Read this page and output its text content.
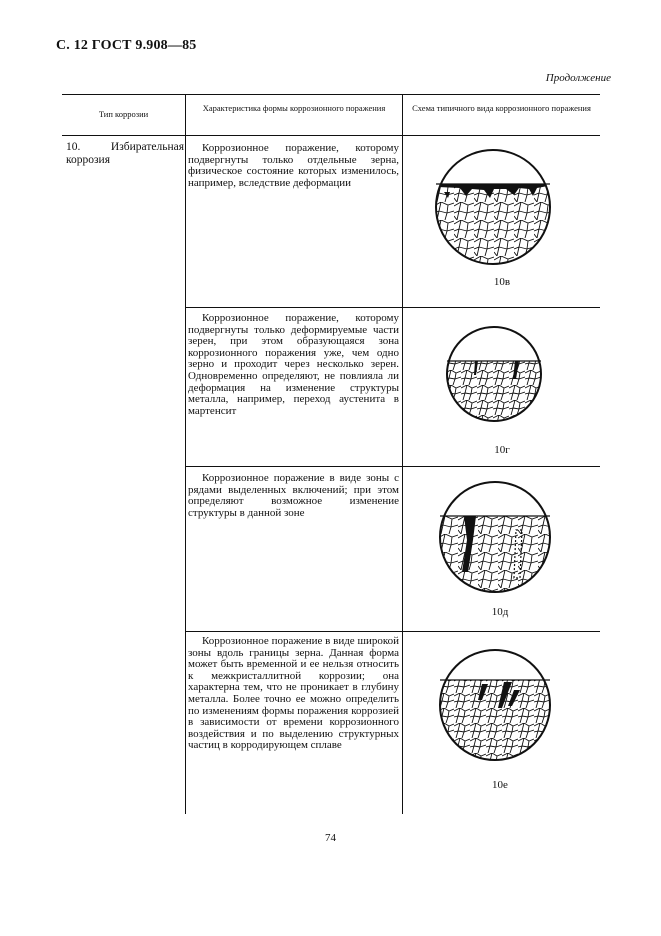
С. 12 ГОСТ 9.908—85
Продолжение
Тип коррозии
Характеристика формы коррозионного поражения	Схема типичного вида коррозионного поражения
10.	Избирательная
коррозия

Коррозионное поражение, которому подвергнуты только отдельные зерна, физическое состояние которых изменилось, например, вследствие деформации

Коррозионное поражение, которому подвергнуты только деформируемые части зерен, при этом образующаяся зона коррозионного поражения уже, чем одно зерно и проходит через несколько зерен. Одновременно определяют, не повлияла ли деформация на изменение структуры металла, например, переход аустенита в мартенсит

Коррозионное поражение в виде зоны с рядами выделенных включений; при этом определяют возможное изменение структуры в данной зоне

Коррозионное поражение в виде широкой зоны вдоль границы зерна. Данная форма может быть временной и ее нельзя относить к межкристаллитной коррозии; она характерна тем, что не проникает в глубину металла. Более точно ее можно определить по изменениям формы поражения коррозией в зависимости от времени коррозионного воздействия и по выделению структурных частиц в корродирующем сплаве

10в
10г
10д
10е
74
